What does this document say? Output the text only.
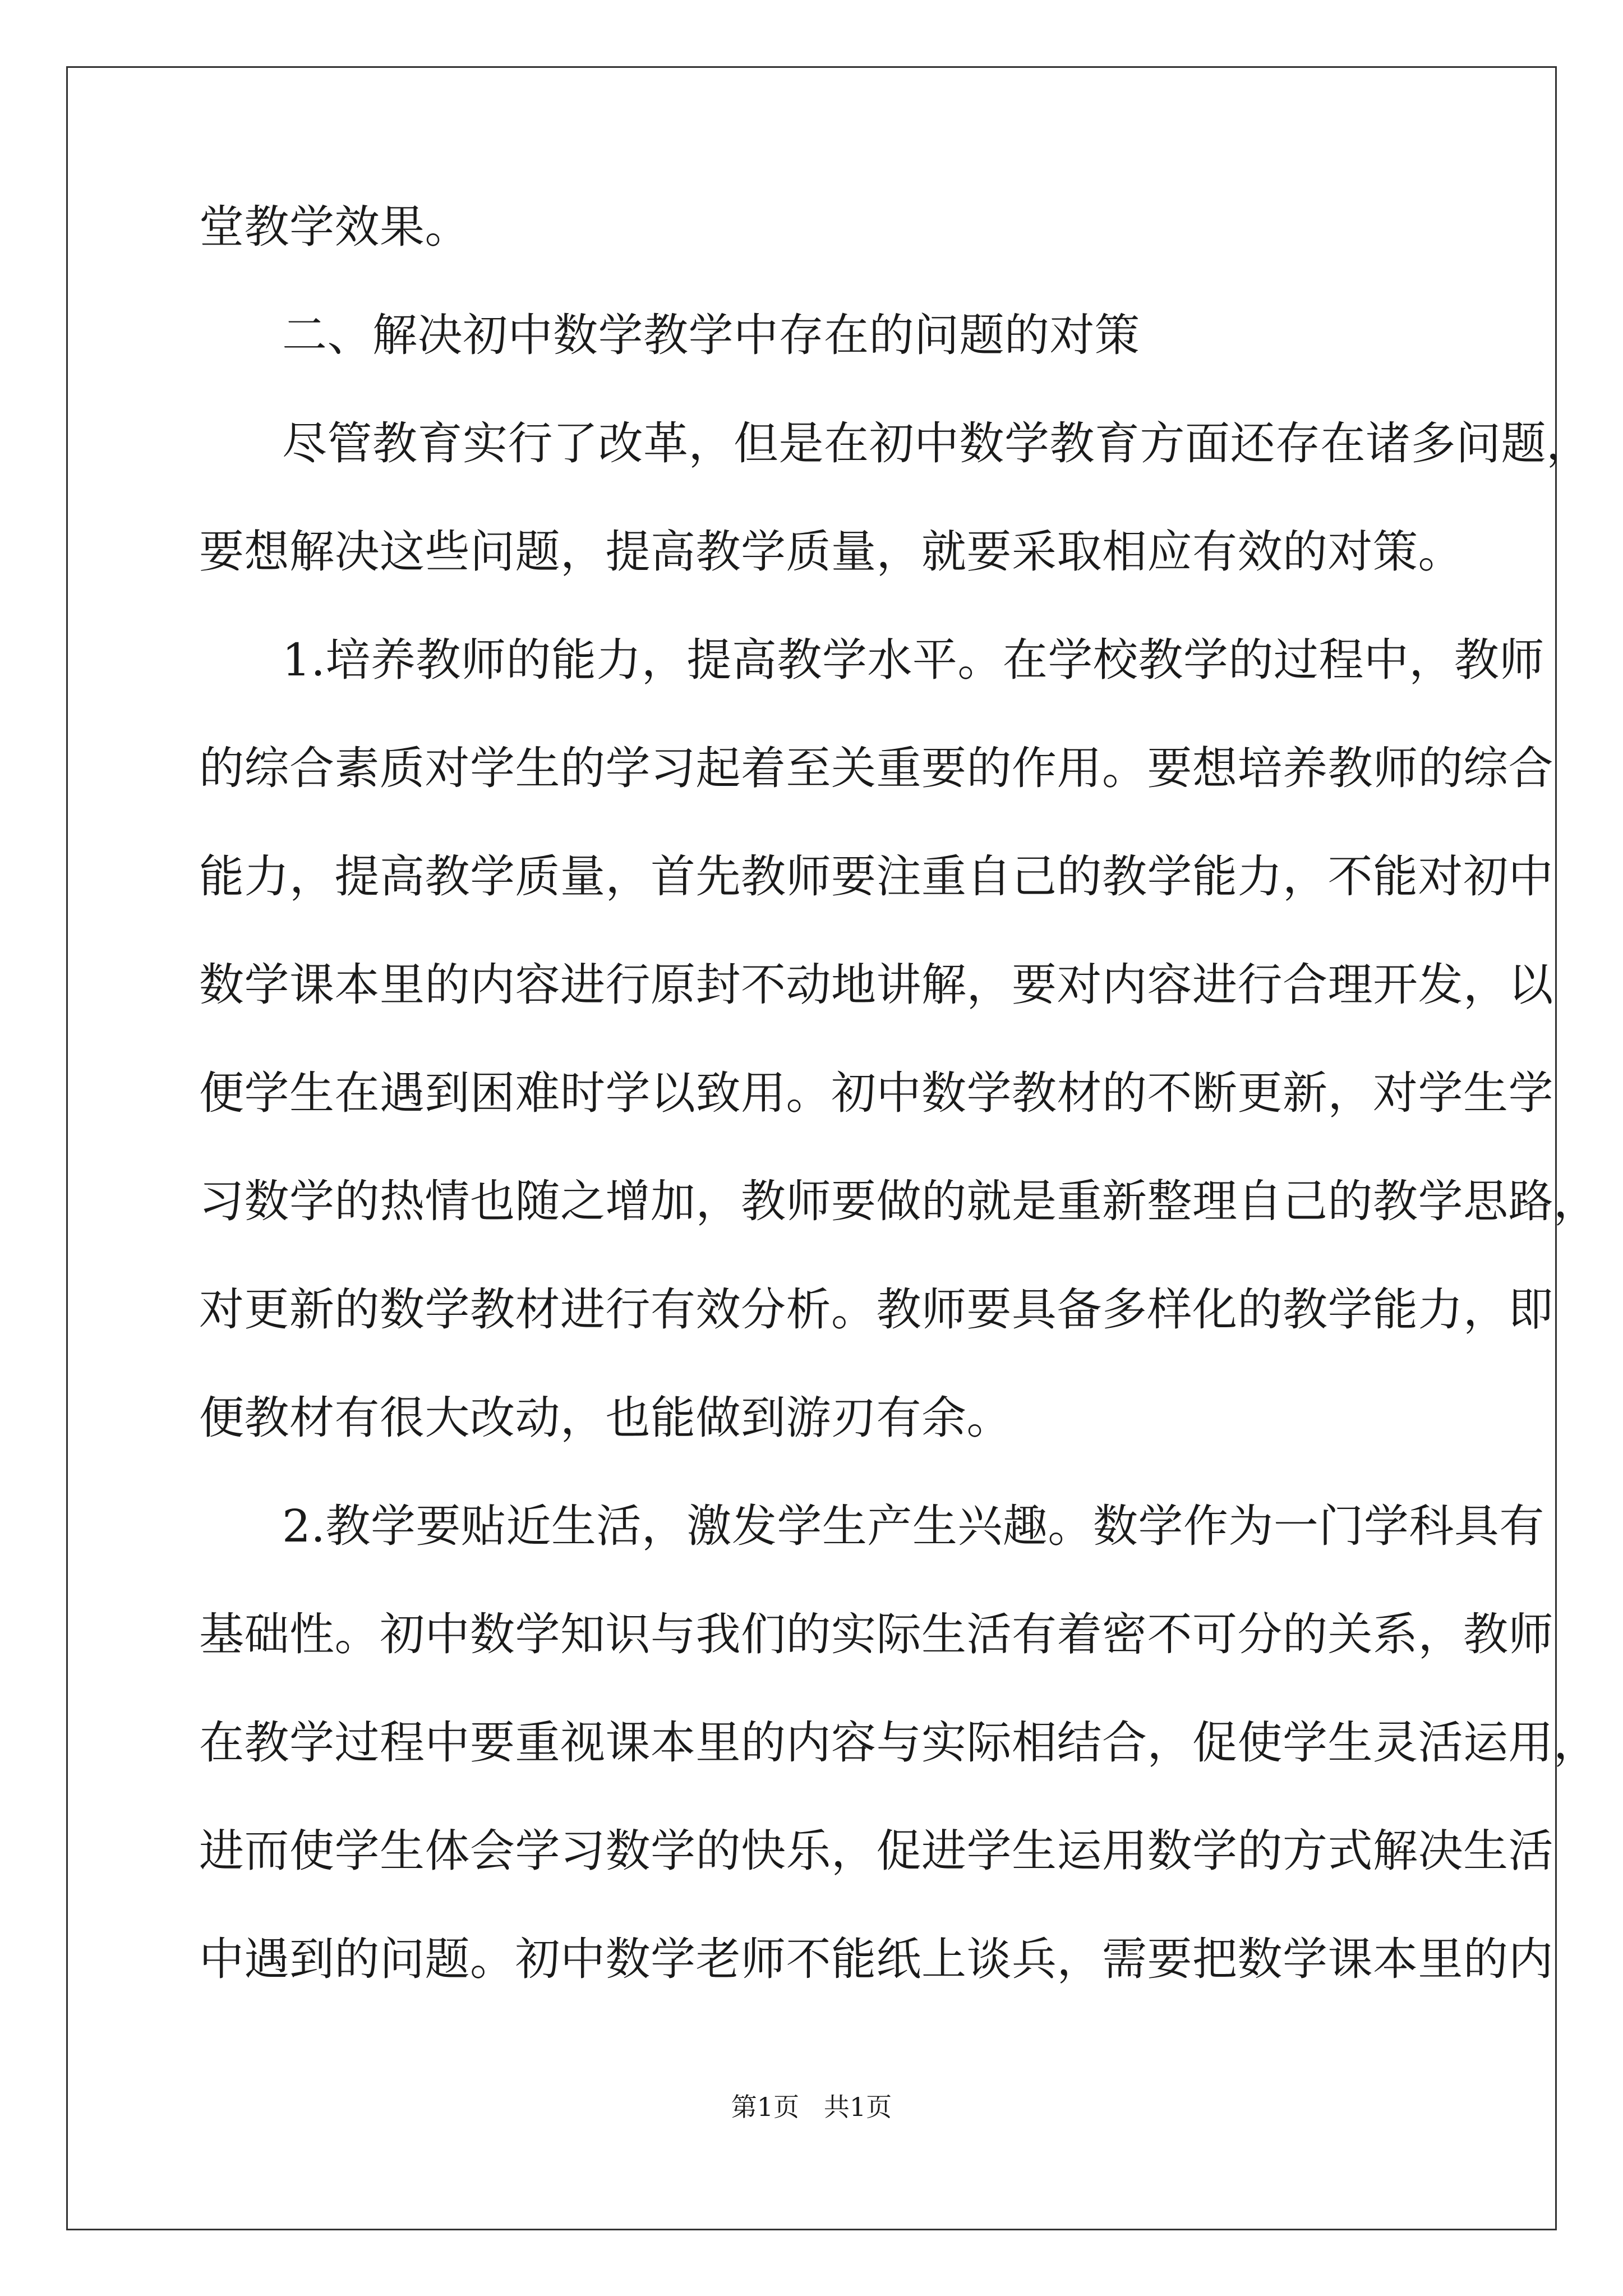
堂教学效果。
二、解决初中数学教学中存在的问题的对策
尽管教育实行了改革，但是在初中数学教育方面还存在诸多问题，
要想解决这些问题，提高教学质量，就要采取相应有效的对策。
1.培养教师的能力，提高教学水平。在学校教学的过程中，教师
的综合素质对学生的学习起着至关重要的作用。要想培养教师的综合
能力，提高教学质量，首先教师要注重自己的教学能力，不能对初中
数学课本里的内容进行原封不动地讲解，要对内容进行合理开发，以
便学生在遇到困难时学以致用。初中数学教材的不断更新，对学生学
习数学的热情也随之增加，教师要做的就是重新整理自己的教学思路，
对更新的数学教材进行有效分析。教师要具备多样化的教学能力，即
便教材有很大改动，也能做到游刃有余。
2.教学要贴近生活，激发学生产生兴趣。数学作为一门学科具有
基础性。初中数学知识与我们的实际生活有着密不可分的关系，教师
在教学过程中要重视课本里的内容与实际相结合，促使学生灵活运用，
进而使学生体会学习数学的快乐，促进学生运用数学的方式解决生活
中遇到的问题。初中数学老师不能纸上谈兵，需要把数学课本里的内
第1页   共1页
